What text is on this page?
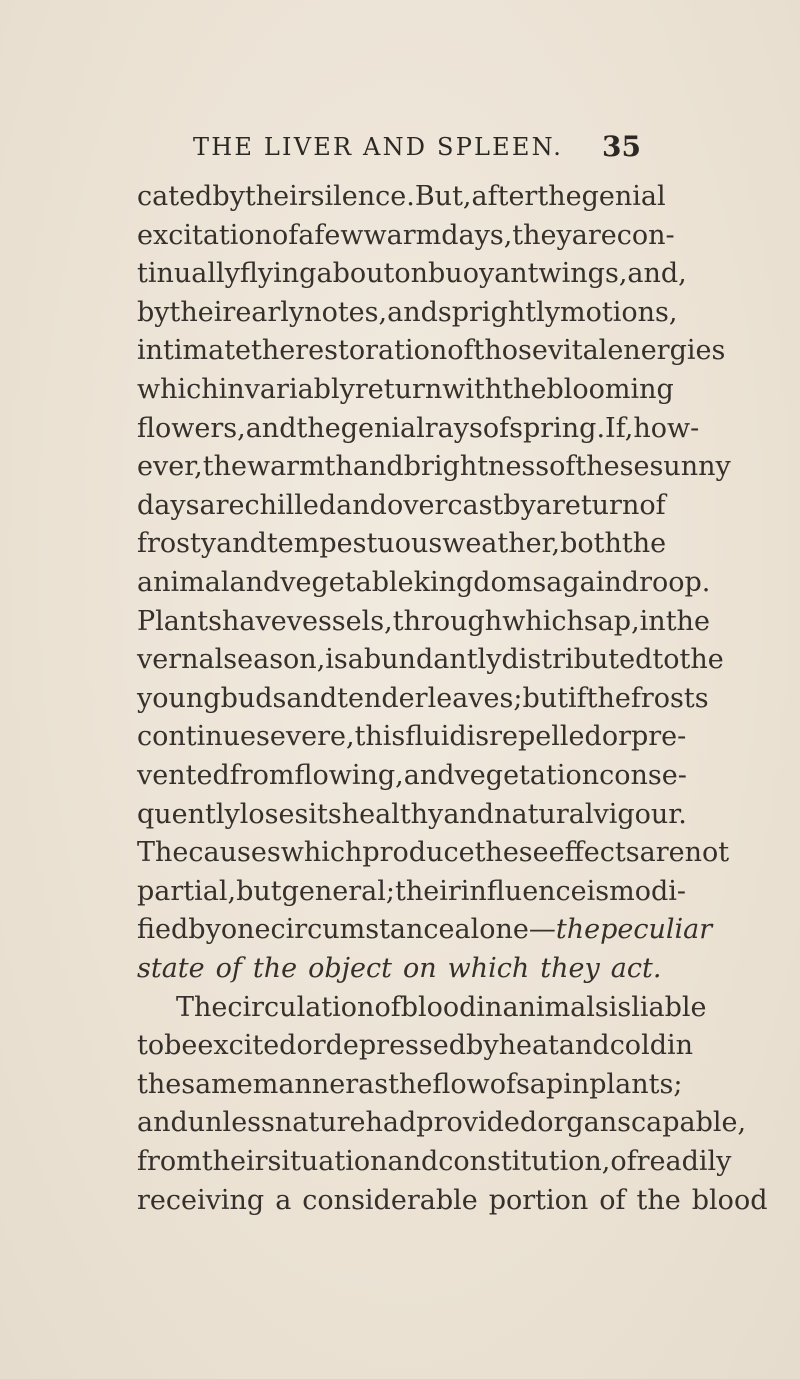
THE LIVER AND SPLEEN.	35
cated by their silence. But, after the genial
excitation of a few warm days, they are con-
tinually flying about on buoyant wings, and,
by their early notes, and sprightly motions,
intimate the restoration of those vital energies
which invariably return with the blooming
flowers, and the genial rays of spring. If, how-
ever, the warmth and brightness of these sunny
days are chilled and overcast by a return of
frosty and tempestuous weather, both the
animal and vegetable kingdoms again droop.
Plants have vessels, through which sap, in the
vernal season, is abundantly distributed to the
young buds and tender leaves ; but if the frosts
continue severe, this fluid is repelled or pre-
vented from flowing, and vegetation conse-
quently loses its healthy and natural vigour.
The causes which produce these effects are not
partial, but general; their influence is modi-
fied by one circumstance alone— the peculiar
state of the object on which they act.
The circulation of blood in animals is liable
to be excited or depressed by heat and cold in
the same manner as the flow of sap in plants ;
and unless nature had provided organs capable,
from their situation and constitution, of readily
receiving a considerable portion of the blood
